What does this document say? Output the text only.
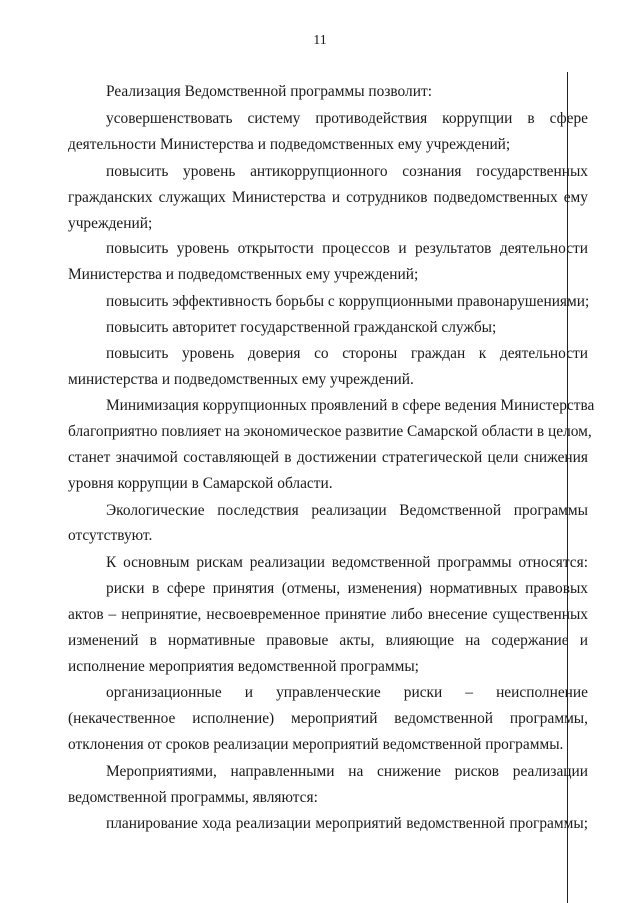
11
Реализация Ведомственной программы позволит:
усовершенствовать систему противодействия коррупции в сфере
деятельности Министерства и подведомственных ему учреждений;
повысить уровень антикоррупционного сознания государственных
гражданских служащих Министерства и сотрудников подведомственных ему
учреждений;
повысить уровень открытости процессов и результатов деятельности
Министерства и подведомственных ему учреждений;
повысить эффективность борьбы с коррупционными правонарушениями;
повысить авторитет государственной гражданской службы;
повысить уровень доверия со стороны граждан к деятельности
министерства и подведомственных ему учреждений.
Минимизация коррупционных проявлений в сфере ведения Министерства
благоприятно повлияет на экономическое развитие Самарской области в целом,
станет значимой составляющей в достижении стратегической цели снижения
уровня коррупции в Самарской области.
Экологические последствия реализации Ведомственной программы
отсутствуют.
К основным рискам реализации ведомственной программы относятся:
риски в сфере принятия (отмены, изменения) нормативных правовых
актов – непринятие, несвоевременное принятие либо внесение существенных
изменений в нормативные правовые акты, влияющие на содержание и
исполнение мероприятия ведомственной программы;
организационные и управленческие риски – неисполнение
(некачественное исполнение) мероприятий ведомственной программы,
отклонения от сроков реализации мероприятий ведомственной программы.
Мероприятиями, направленными на снижение рисков реализации
ведомственной программы, являются:
планирование хода реализации мероприятий ведомственной программы;
